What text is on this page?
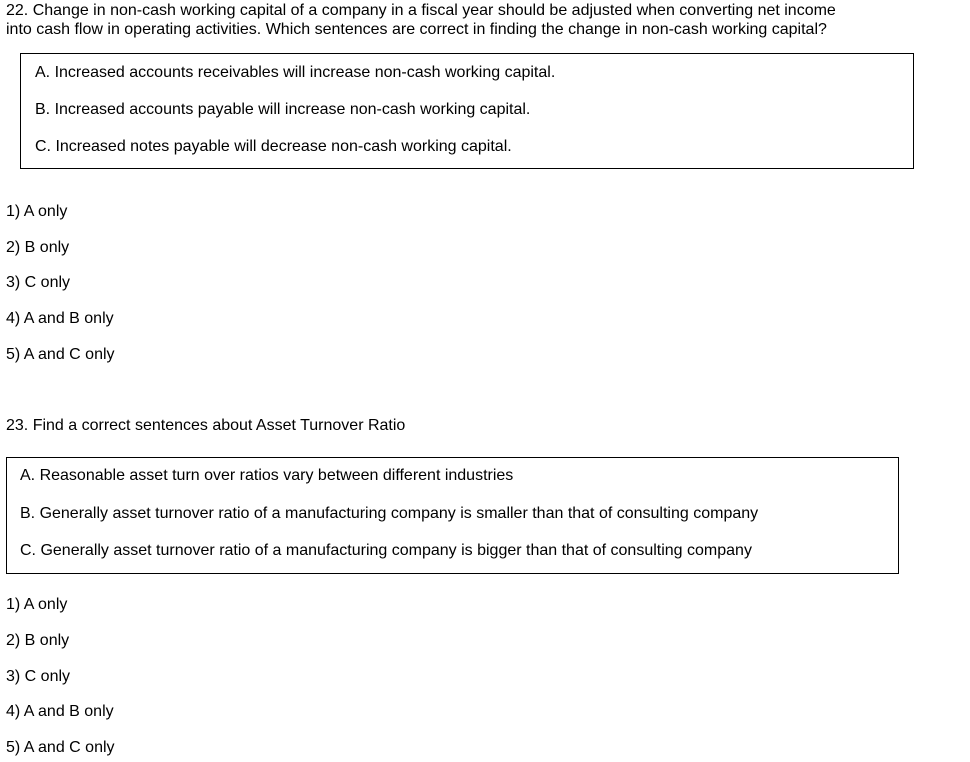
22. Change in non-cash working capital of a company in a fiscal year should be adjusted when converting net income
into cash flow in operating activities. Which sentences are correct in finding the change in non-cash working capital?
A. Increased accounts receivables will increase non-cash working capital.
B. Increased accounts payable will increase non-cash working capital.
C. Increased notes payable will decrease non-cash working capital.
1) A only
2) B only
3) C only
4) A and B only
5) A and C only
23. Find a correct sentences about Asset Turnover Ratio
A. Reasonable asset turn over ratios vary between different industries
B. Generally asset turnover ratio of a manufacturing company is smaller than that of consulting company
C. Generally asset turnover ratio of a manufacturing company is bigger than that of consulting company
1) A only
2) B only
3) C only
4) A and B only
5) A and C only
